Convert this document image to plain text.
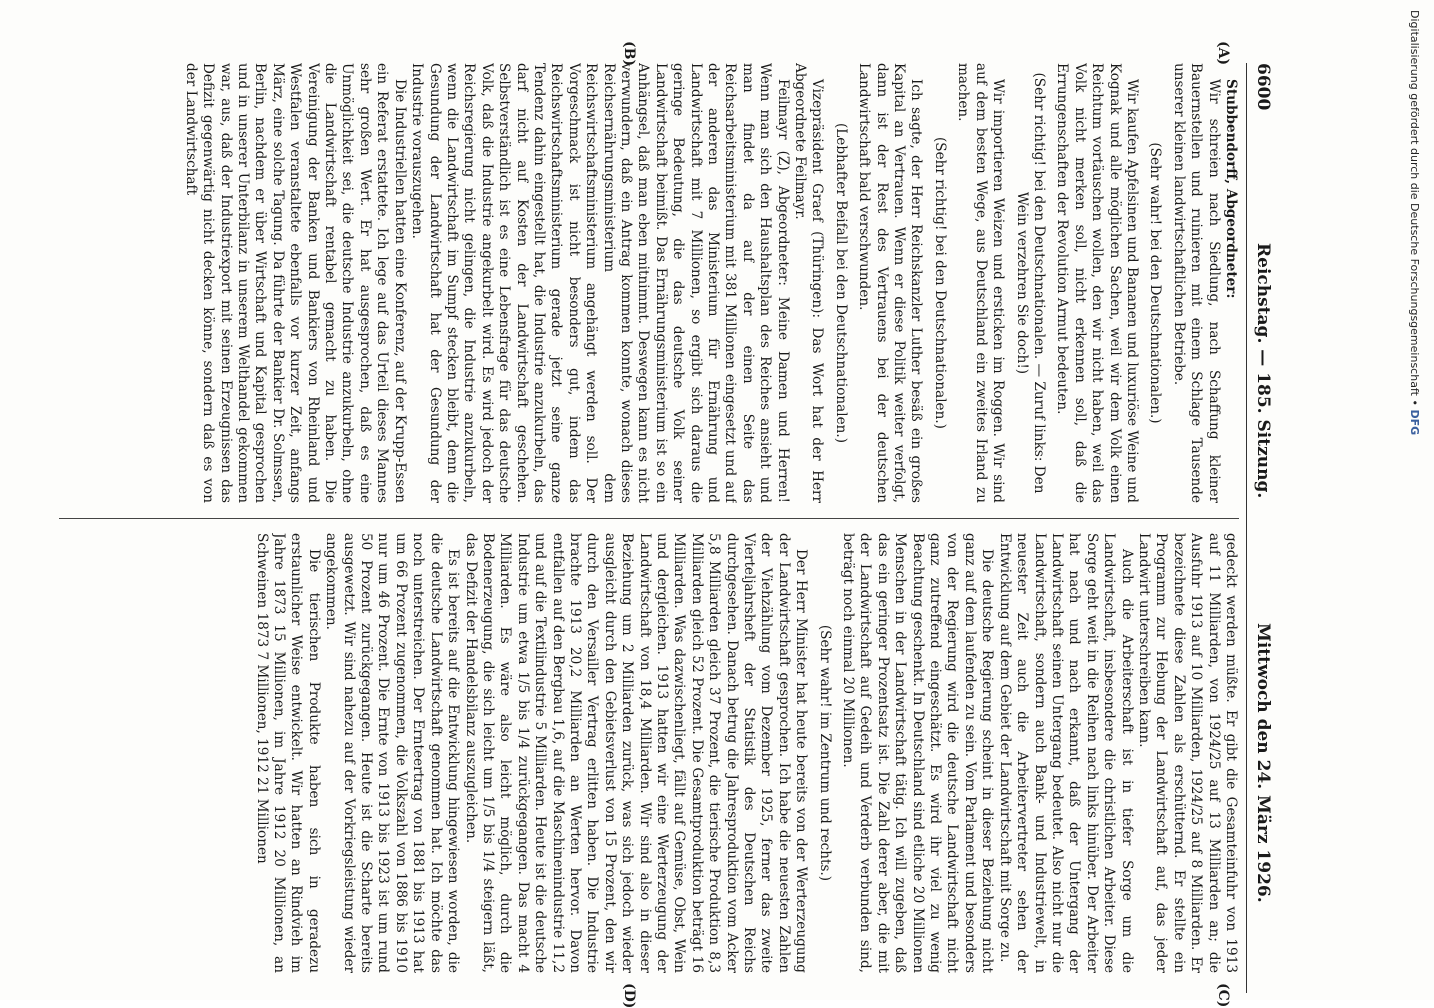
6600
Reichstag. — 185. Sitzung.
Mittwoch den 24. März 1926.

Stubbendorff, Abgeordneter:

Wir schreien nach Siedlung, nach Schaffung kleiner Bauernstellen und ruinieren mit einem Schlage Tausende unserer kleinen landwirtschaftlichen Betriebe.

(Sehr wahr! bei den Deutschnationalen.)

Wir kaufen Apfelsinen und Bananen und luxuriöse Weine und Kognak und alle möglichen Sachen, weil wir dem Volk einen Reichtum vortäuschen wollen, den wir nicht haben, weil das Volk nicht merken soll, nicht erkennen soll, daß die Errungenschaften der Revolution Armut bedeuten.

(Sehr richtig! bei den Deutschnationalen. — Zuruf links: Den Wein verzehren Sie doch!)

Wir importieren Weizen und ersticken im Roggen. Wir sind auf dem besten Wege, aus Deutschland ein zweites Irland zu machen.

(Sehr richtig! bei den Deutschnationalen.)

Ich sagte, der Herr Reichskanzler Luther besäß ein großes Kapital an Vertrauen. Wenn er diese Politik weiter verfolgt, dann ist der Rest des Vertrauens bei der deutschen Landwirtschaft bald verschwunden.

(Lebhafter Beifall bei den Deutschnationalen.)

Vizepräsident Graef (Thüringen): Das Wort hat der Herr Abgeordnete Feilmayr.

Feilmayr (Z), Abgeordneter: Meine Damen und Herren! Wenn man sich den Haushaltsplan des Reiches ansieht und man findet da auf der einen Seite das Reichsarbeitsministerium mit 381 Millionen eingesetzt und auf der anderen das Ministerium für Ernährung und Landwirtschaft mit 7 Millionen, so ergibt sich daraus die geringe Bedeutung, die das deutsche Volk seiner Landwirtschaft beimißt. Das Ernährungsministerium ist so ein Anhängsel, daß man eben mitnimmt. Deswegen kann es nicht verwundern, daß ein Antrag kommen konnte, wonach dieses Reichsernährungsministerium dem Reichswirtschaftsministerium angehängt werden soll. Der Vorgeschmack ist nicht besonders gut, indem das Reichswirtschaftsministerium gerade jetzt seine ganze Tendenz dahin eingestellt hat, die Industrie anzukurbeln, das darf nicht auf Kosten der Landwirtschaft geschehen. Selbstverständlich ist es eine Lebensfrage für das deutsche Volk, daß die Industrie angekurbelt wird. Es wird jedoch der Reichsregierung nicht gelingen, die Industrie anzukurbeln, wenn die Landwirtschaft im Sumpf stecken bleibt, denn die Gesundung der Landwirtschaft hat der Gesundung der Industrie vorauszugehen.

Die Industriellen hatten eine Konferenz, auf der Krupp-Essen ein Referat erstattete. Ich lege auf das Urteil dieses Mannes sehr großen Wert. Er hat ausgesprochen, daß es eine Unmöglichkeit sei, die deutsche Industrie anzukurbeln, ohne die Landwirtschaft rentabel gemacht zu haben. Die Vereinigung der Banken und Bankiers von Rheinland und Westfalen veranstaltete ebenfalls vor kurzer Zeit, anfangs März, eine solche Tagung. Da führte der Bankier Dr. Solmssen, Berlin, nachdem er über Wirtschaft und Kapital gesprochen und in unserer Unterbilanz in unserem Welthandel gekommen war, aus, daß der Industriexport mit seinen Erzeugnissen das Defizit gegenwärtig nicht decken könne, sondern daß es von der Landwirtschaft

gedeckt werden müßte. Er gibt die Gesamteinfuhr von 1913 auf 11 Milliarden, von 1924/25 auf 13 Milliarden an; die Ausfuhr 1913 auf 10 Milliarden, 1924/25 auf 8 Milliarden. Er bezeichnete diese Zahlen als erschütternd. Er stellte ein Programm zur Hebung der Landwirtschaft auf, das jeder Landwirt unterschreiben kann.

Auch die Arbeiterschaft ist in tiefer Sorge um die Landwirtschaft, insbesondere die christlichen Arbeiter. Diese Sorge geht weit in die Reihen nach links hinüber. Der Arbeiter hat nach und nach erkannt, daß der Untergang der Landwirtschaft seinen Untergang bedeutet. Also nicht nur die Landwirtschaft, sondern auch Bank- und Industriewelt, in neuester Zeit auch die Arbeitervertreter sehen der Entwicklung auf dem Gebiet der Landwirtschaft mit Sorge zu.

Die deutsche Regierung scheint in dieser Beziehung nicht ganz auf dem laufenden zu sein. Vom Parlament und besonders von der Regierung wird die deutsche Landwirtschaft nicht ganz zutreffend eingeschätzt. Es wird ihr viel zu wenig Beachtung geschenkt. In Deutschland sind etliche 20 Millionen Menschen in der Landwirtschaft tätig. Ich will zugeben, daß das ein geringer Prozentsatz ist. Die Zahl derer aber, die mit der Landwirtschaft auf Gedeih und Verderb verbunden sind, beträgt noch einmal 20 Millionen.

(Sehr wahr! im Zentrum und rechts.)

Der Herr Minister hat heute bereits von der Werterzeugung der Landwirtschaft gesprochen. Ich habe die neuesten Zahlen der Viehzählung vom Dezember 1925, ferner das zweite Vierteljahrsheft der Statistik des Deutschen Reichs durchgesehen. Danach betrug die Jahresproduktion vom Acker 5,8 Milliarden gleich 37 Prozent, die tierische Produktion 8,3 Milliarden gleich 52 Prozent. Die Gesamtproduktion beträgt 16 Milliarden. Was dazwischenliegt, fällt auf Gemüse, Obst, Wein und dergleichen. 1913 hatten wir eine Werterzeugung der Landwirtschaft von 18,4 Milliarden. Wir sind also in dieser Beziehung um 2 Milliarden zurück, was sich jedoch wieder ausgleicht durch den Gebietsverlust von 15 Prozent, den wir durch den Versailler Vertrag erlitten haben. Die Industrie brachte 1913 20,2 Milliarden an Werten hervor. Davon entfallen auf den Bergbau 1,6, auf die Maschinenindustrie 11,2 und auf die Textilindustrie 5 Milliarden. Heute ist die deutsche Industrie um etwa 1/5 bis 1/4 zurückgegangen. Das macht 4 Milliarden. Es wäre also leicht möglich, durch die Bodenerzeugung, die sich leicht um 1/5 bis 1/4 steigern läßt, das Defizit der Handelsbilanz auszugleichen.

Es ist bereits auf die Entwicklung hingewiesen worden, die die deutsche Landwirtschaft genommen hat. Ich möchte das noch unterstreichen. Der Ernteertrag von 1881 bis 1913 hat um 66 Prozent zugenommen, die Volkszahl von 1886 bis 1910 nur um 46 Prozent. Die Ernte von 1913 bis 1923 ist um rund 50 Prozent zurückgegangen. Heute ist die Scharte bereits ausgewetzt. Wir sind nahezu auf der Vorkriegsleistung wieder angekommen.

Die tierischen Produkte haben sich in geradezu erstaunlicher Weise entwickelt. Wir hatten an Rindvieh im Jahre 1873 15 Millionen, im Jahre 1912 20 Millionen, an Schweinen 1873 7 Millionen, 1912 21 Millionen

(A)
(B)
(C)
(D)
Digitalisierung gefördert durch die Deutsche Forschungsgemeinschaft • DFG
